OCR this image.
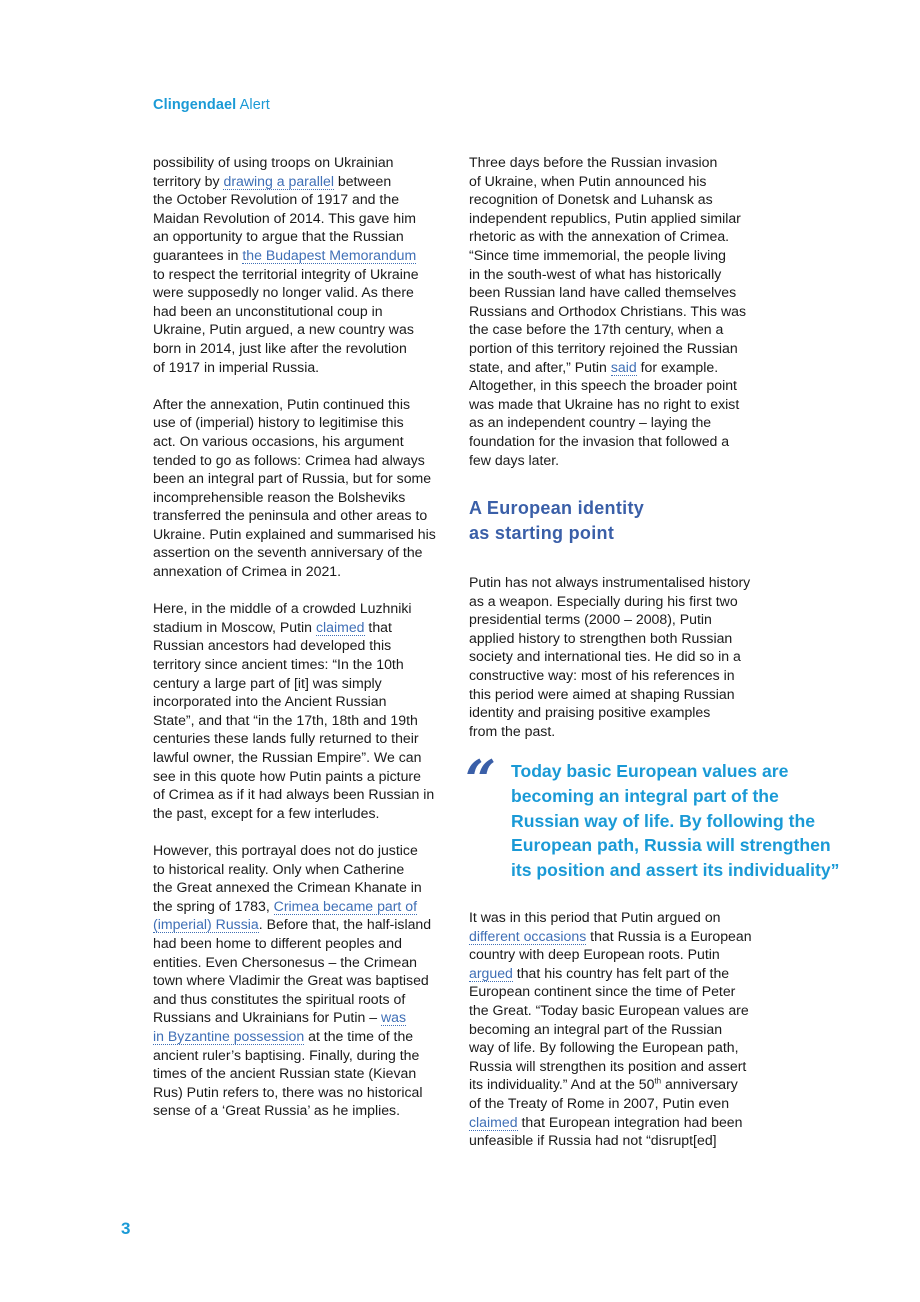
Clingendael Alert

possibility of using troops on Ukrainian
territory by drawing a parallel between
the October Revolution of 1917 and the
Maidan Revolution of 2014. This gave him
an opportunity to argue that the Russian
guarantees in the Budapest Memorandum
to respect the territorial integrity of Ukraine
were supposedly no longer valid. As there
had been an unconstitutional coup in
Ukraine, Putin argued, a new country was
born in 2014, just like after the revolution
of 1917 in imperial Russia.

After the annexation, Putin continued this
use of (imperial) history to legitimise this
act. On various occasions, his argument
tended to go as follows: Crimea had always
been an integral part of Russia, but for some
incomprehensible reason the Bolsheviks
transferred the peninsula and other areas to
Ukraine. Putin explained and summarised his
assertion on the seventh anniversary of the
annexation of Crimea in 2021.

Here, in the middle of a crowded Luzhniki
stadium in Moscow, Putin claimed that
Russian ancestors had developed this
territory since ancient times: “In the 10th
century a large part of [it] was simply
incorporated into the Ancient Russian
State”, and that “in the 17th, 18th and 19th
centuries these lands fully returned to their
lawful owner, the Russian Empire”. We can
see in this quote how Putin paints a picture
of Crimea as if it had always been Russian in
the past, except for a few interludes.

However, this portrayal does not do justice
to historical reality. Only when Catherine
the Great annexed the Crimean Khanate in
the spring of 1783, Crimea became part of
(imperial) Russia. Before that, the half-island
had been home to different peoples and
entities. Even Chersonesus – the Crimean
town where Vladimir the Great was baptised
and thus constitutes the spiritual roots of
Russians and Ukrainians for Putin – was
in Byzantine possession at the time of the
ancient ruler’s baptising. Finally, during the
times of the ancient Russian state (Kievan
Rus) Putin refers to, there was no historical
sense of a ‘Great Russia’ as he implies.

Three days before the Russian invasion
of Ukraine, when Putin announced his
recognition of Donetsk and Luhansk as
independent republics, Putin applied similar
rhetoric as with the annexation of Crimea.
“Since time immemorial, the people living
in the south-west of what has historically
been Russian land have called themselves
Russians and Orthodox Christians. This was
the case before the 17th century, when a
portion of this territory rejoined the Russian
state, and after,” Putin said for example.
Altogether, in this speech the broader point
was made that Ukraine has no right to exist
as an independent country – laying the
foundation for the invasion that followed a
few days later.

A European identity
as starting point

Putin has not always instrumentalised history
as a weapon. Especially during his first two
presidential terms (2000 – 2008), Putin
applied history to strengthen both Russian
society and international ties. He did so in a
constructive way: most of his references in
this period were aimed at shaping Russian
identity and praising positive examples
from the past.

“ Today basic European values are
becoming an integral part of the
Russian way of life. By following the
European path, Russia will strengthen
its position and assert its individuality”

It was in this period that Putin argued on
different occasions that Russia is a European
country with deep European roots. Putin
argued that his country has felt part of the
European continent since the time of Peter
the Great. “Today basic European values are
becoming an integral part of the Russian
way of life. By following the European path,
Russia will strengthen its position and assert
its individuality.” And at the 50th anniversary
of the Treaty of Rome in 2007, Putin even
claimed that European integration had been
unfeasible if Russia had not “disrupt[ed]

3
